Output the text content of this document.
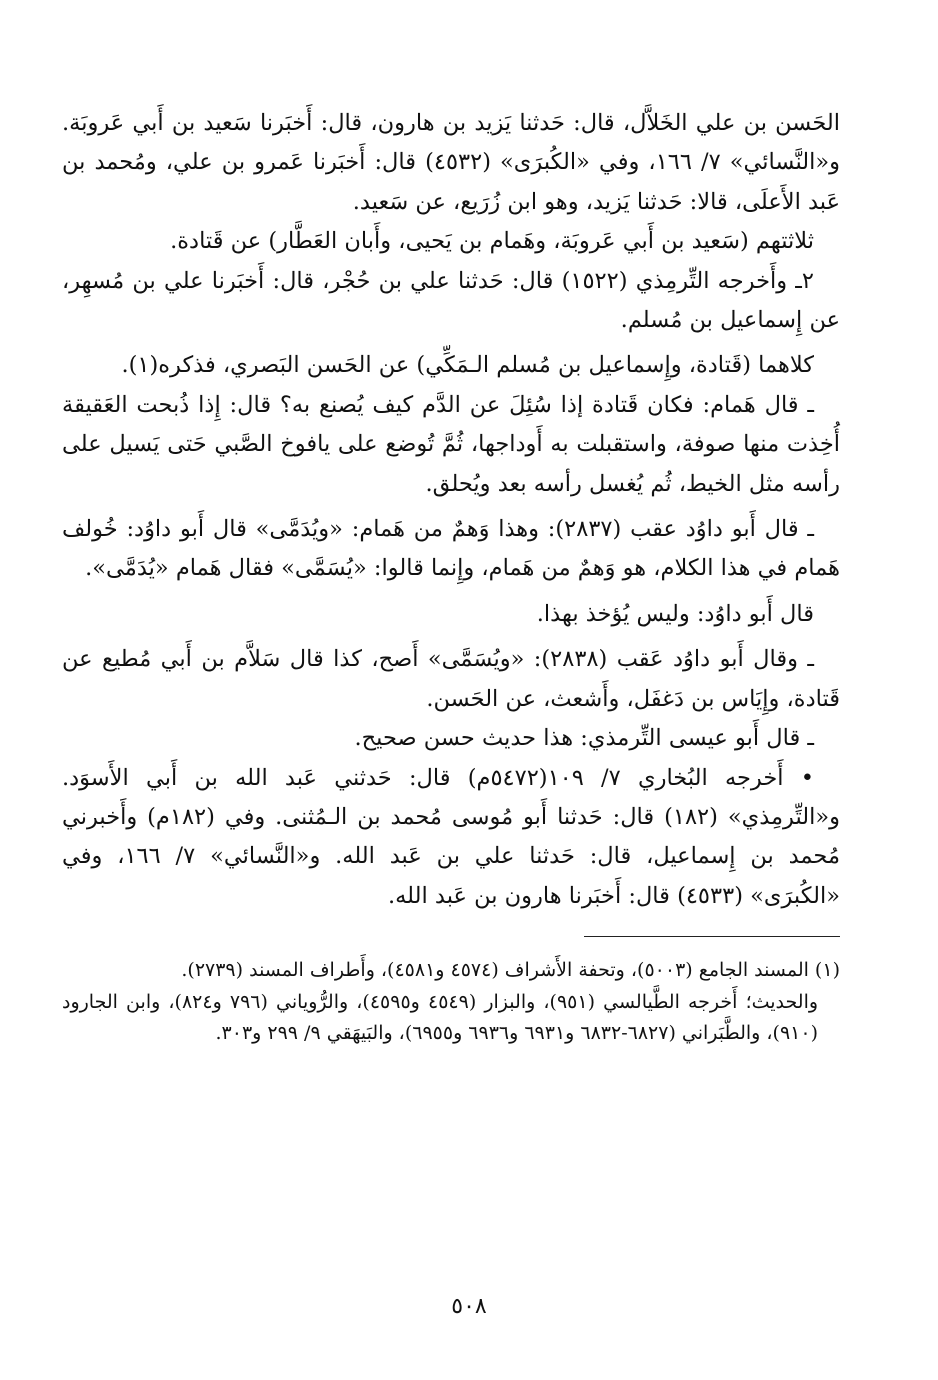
الحَسن بن علي الخَلاَّل، قال: حَدثنا يَزيد بن هارون، قال: أَخبَرنا سَعيد بن أَبي عَروبَة. و«النَّسائي» ٧/ ١٦٦، وفي «الكُبرَى» (٤٥٣٢) قال: أَخبَرنا عَمرو بن علي، ومُحمد بن عَبد الأَعلَى، قالا: حَدثنا يَزيد، وهو ابن زُرَيع، عن سَعيد.

ثلاثتهم (سَعيد بن أَبي عَروبَة، وهَمام بن يَحيى، وأَبان العَطَّار) عن قَتادة.

٢ـ وأَخرجه التِّرمِذي (١٥٢٢) قال: حَدثنا علي بن حُجْر، قال: أَخبَرنا علي بن مُسهِر، عن إِسماعيل بن مُسلم.

كلاهما (قَتادة، وإِسماعيل بن مُسلم الـمَكِّي) عن الحَسن البَصري، فذكره(١).

ـ قال هَمام: فكان قَتادة إذا سُئِلَ عن الدَّم كيف يُصنع به؟ قال: إِذا ذُبحت العَقيقة أُخِذت منها صوفة، واستقبلت به أَوداجها، ثُمَّ تُوضع على يافوخ الصَّبي حَتى يَسيل على رأسه مثل الخيط، ثُم يُغسل رأسه بعد ويُحلق.

ـ قال أَبو داوُد عقب (٢٨٣٧): وهذا وَهمٌ من هَمام: «ويُدَمَّى» قال أَبو داوُد: خُولف هَمام في هذا الكلام، هو وَهمٌ من هَمام، وإِنما قالوا: «يُسَمَّى» فقال هَمام «يُدَمَّى».

قال أَبو داوُد: وليس يُؤخذ بهذا.

ـ وقال أَبو داوُد عَقب (٢٨٣٨): «ويُسَمَّى» أَصح، كذا قال سَلاَّم بن أَبي مُطيع عن قَتادة، وإِيَاس بن دَغفَل، وأَشعث، عن الحَسن.

ـ قال أَبو عيسى التِّرمذي: هذا حديث حسن صحيح.

• أَخرجه البُخاري ٧/ ١٠٩(٥٤٧٢م) قال: حَدثني عَبد الله بن أَبي الأَسوَد. و«التِّرمِذي» (١٨٢) قال: حَدثنا أَبو مُوسى مُحمد بن الـمُثنى. وفي (١٨٢م) وأَخبرني مُحمد بن إِسماعيل، قال: حَدثنا علي بن عَبد الله. و«النَّسائي» ٧/ ١٦٦، وفي «الكُبرَى» (٤٥٣٣) قال: أَخبَرنا هارون بن عَبد الله.

(١) المسند الجامع (٥٠٠٣)، وتحفة الأَشراف (٤٥٧٤ و٤٥٨١)، وأَطراف المسند (٢٧٣٩).

والحديث؛ أَخرجه الطَّيالسي (٩٥١)، والبزار (٤٥٤٩ و٤٥٩٥)، والرُّوياني (٧٩٦ و٨٢٤)، وابن الجارود (٩١٠)، والطَّبَراني (٦٨٢٧-٦٨٣٢ و٦٩٣١ و٦٩٣٦ و٦٩٥٥)، والبَيهَقي ٩/ ٢٩٩ و٣٠٣.

٥٠٨
